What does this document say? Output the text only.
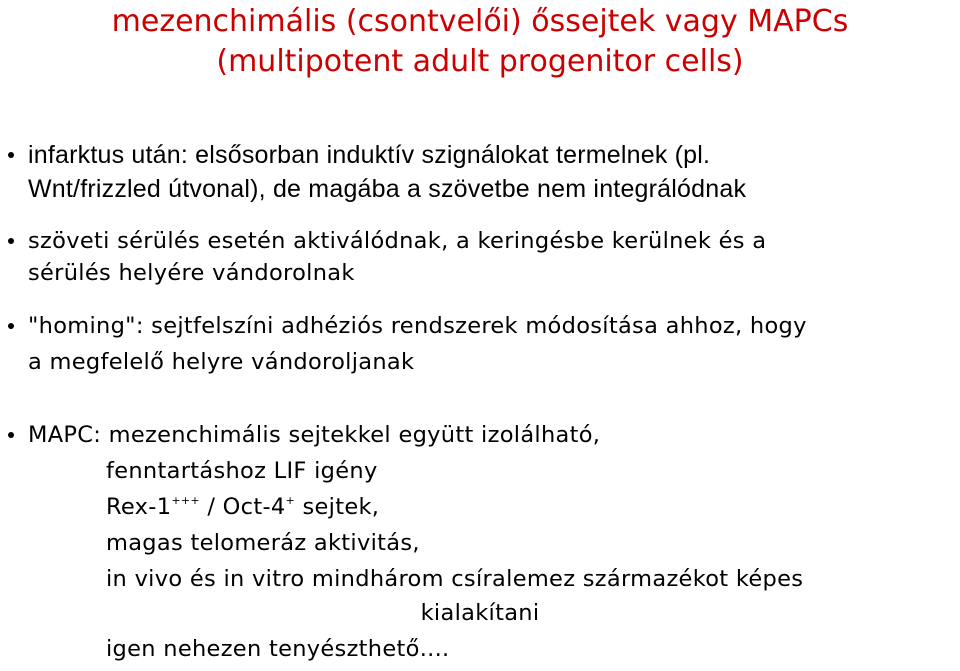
mezenchimális (csontvelői) őssejtek vagy MAPCs
(multipotent adult progenitor cells)
infarktus után: elsősorban induktív szignálokat termelnek (pl.
Wnt/frizzled útvonal), de magába a szövetbe nem integrálódnak
szöveti sérülés esetén aktiválódnak, a keringésbe kerülnek és a
sérülés helyére vándorolnak
"homing": sejtfelszíni adhéziós rendszerek módosítása ahhoz, hogy
a megfelelő helyre vándoroljanak
MAPC: mezenchimális sejtekkel együtt izolálható,
fenntartáshoz LIF igény
Rex-1+++ / Oct-4+ sejtek,
magas telomeráz aktivitás,
in vivo és in vitro mindhárom csíralemez származékot képes
kialakítani
igen nehezen tenyészthető....
